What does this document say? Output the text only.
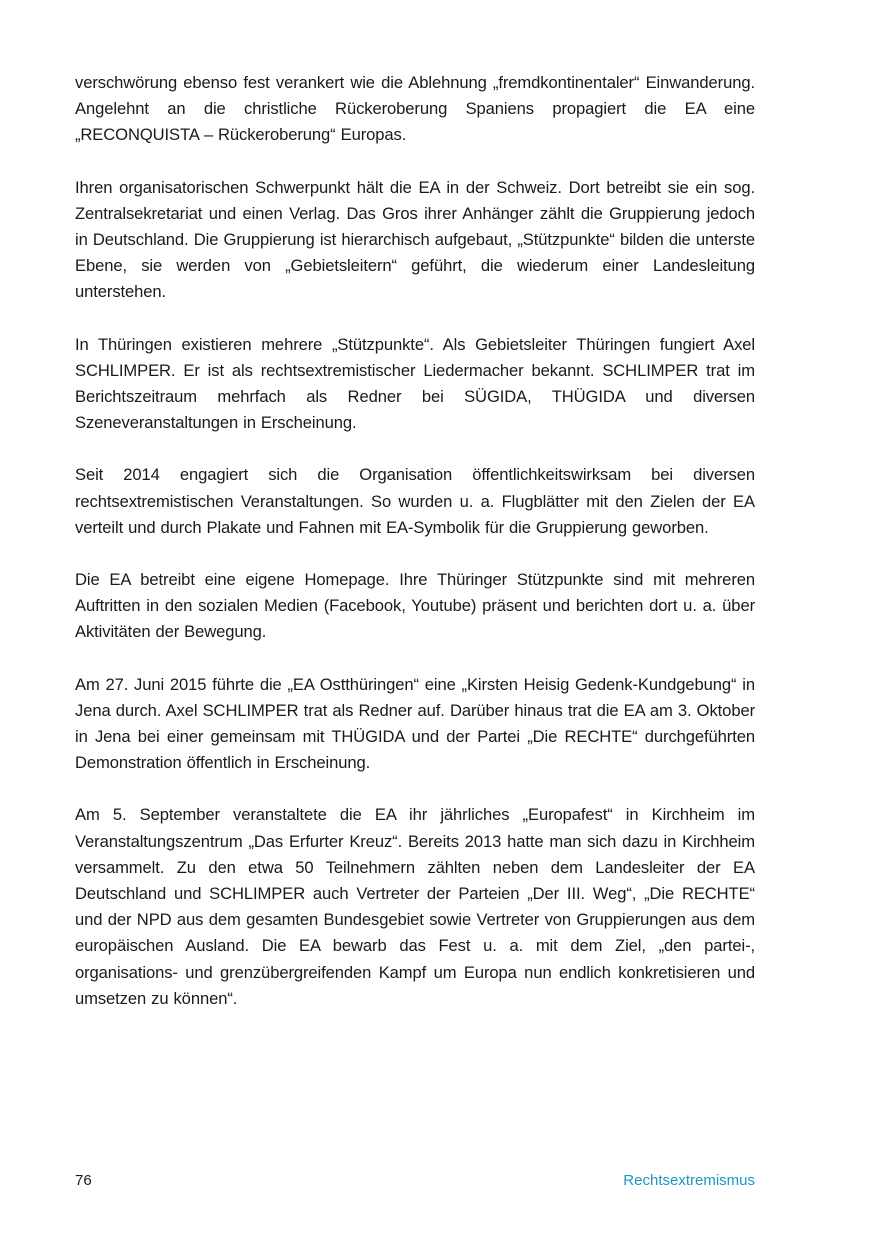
verschwörung ebenso fest verankert wie die Ablehnung „fremdkontinentaler“ Einwanderung. Angelehnt an die christliche Rückeroberung Spaniens propagiert die EA eine „RECONQUISTA – Rückeroberung“ Europas.

Ihren organisatorischen Schwerpunkt hält die EA in der Schweiz. Dort betreibt sie ein sog. Zentralsekretariat und einen Verlag. Das Gros ihrer Anhänger zählt die Gruppierung jedoch in Deutschland. Die Gruppierung ist hierarchisch aufgebaut, „Stützpunkte“ bilden die unterste Ebene, sie werden von „Gebietsleitern“ geführt, die wiederum einer Landesleitung unterstehen.

In Thüringen existieren mehrere „Stützpunkte“. Als Gebietsleiter Thüringen fungiert Axel SCHLIMPER. Er ist als rechtsextremistischer Liedermacher bekannt. SCHLIMPER trat im Berichtszeitraum mehrfach als Redner bei SÜGIDA, THÜGIDA und diversen Szeneveranstaltungen in Erscheinung.

Seit 2014 engagiert sich die Organisation öffentlichkeitswirksam bei diversen rechtsextremistischen Veranstaltungen. So wurden u. a. Flugblätter mit den Zielen der EA verteilt und durch Plakate und Fahnen mit EA-Symbolik für die Gruppierung geworben.

Die EA betreibt eine eigene Homepage. Ihre Thüringer Stützpunkte sind mit mehreren Auftritten in den sozialen Medien (Facebook, Youtube) präsent und berichten dort u. a. über Aktivitäten der Bewegung.

Am 27. Juni 2015 führte die „EA Ostthüringen“ eine „Kirsten Heisig Gedenk-Kundgebung“ in Jena durch. Axel SCHLIMPER trat als Redner auf. Darüber hinaus trat die EA am 3. Oktober in Jena bei einer gemeinsam mit THÜGIDA und der Partei „Die RECHTE“ durchgeführten Demonstration öffentlich in Erscheinung.

Am 5. September veranstaltete die EA ihr jährliches „Europafest“ in Kirchheim im Veranstaltungszentrum „Das Erfurter Kreuz“. Bereits 2013 hatte man sich dazu in Kirchheim versammelt. Zu den etwa 50 Teilnehmern zählten neben dem Landesleiter der EA Deutschland und SCHLIMPER auch Vertreter der Parteien „Der III. Weg“, „Die RECHTE“ und der NPD aus dem gesamten Bundesgebiet sowie Vertreter von Gruppierungen aus dem europäischen Ausland. Die EA bewarb das Fest u. a. mit dem Ziel, „den partei-, organisations- und grenzübergreifenden Kampf um Europa nun endlich konkretisieren und umsetzen zu können“.

76	Rechtsextremismus
